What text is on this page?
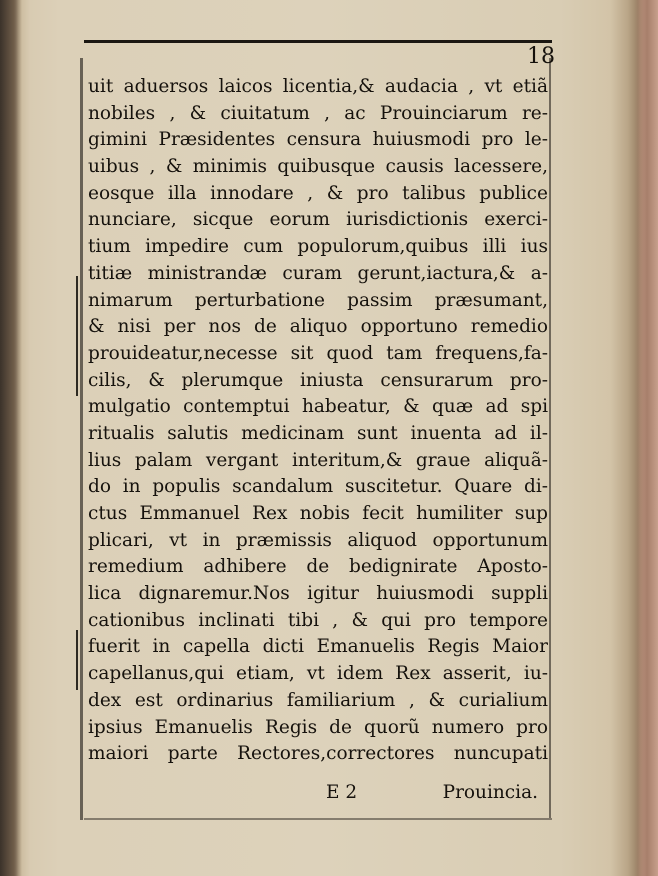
18

uit aduersos laicos licentia,& audacia , vt etiã
nobiles , & ciuitatum , ac Prouinciarum re-
gimini Præsidentes censura huiusmodi pro le-
uibus , & minimis quibusque causis lacessere,
eosque illa innodare , & pro talibus publice
nunciare, sicque eorum iurisdictionis exerci-
tium impedire cum populorum,quibus illi ius
titiæ ministrandæ curam gerunt,iactura,& a-
nimarum perturbatione passim præsumant,
& nisi per nos de aliquo opportuno remedio
prouideatur,necesse sit quod tam frequens,fa-
cilis, & plerumque iniusta censurarum pro-
mulgatio contemptui habeatur, & quæ ad spi
ritualis salutis medicinam sunt inuenta ad il-
lius palam vergant interitum,& graue aliquã-
do in populis scandalum suscitetur. Quare di-
ctus Emmanuel Rex nobis fecit humiliter sup
plicari, vt in præmissis aliquod opportunum
remedium adhibere de bedignirate Aposto-
lica dignaremur.Nos igitur huiusmodi suppli
cationibus inclinati tibi , & qui pro tempore
fuerit in capella dicti Emanuelis Regis Maior
capellanus,qui etiam, vt idem Rex asserit, iu-
dex est ordinarius familiarium , & curialium
ipsius Emanuelis Regis de quorũ numero pro
maiori parte Rectores,correctores nuncupati
E 2	Prouincia.
